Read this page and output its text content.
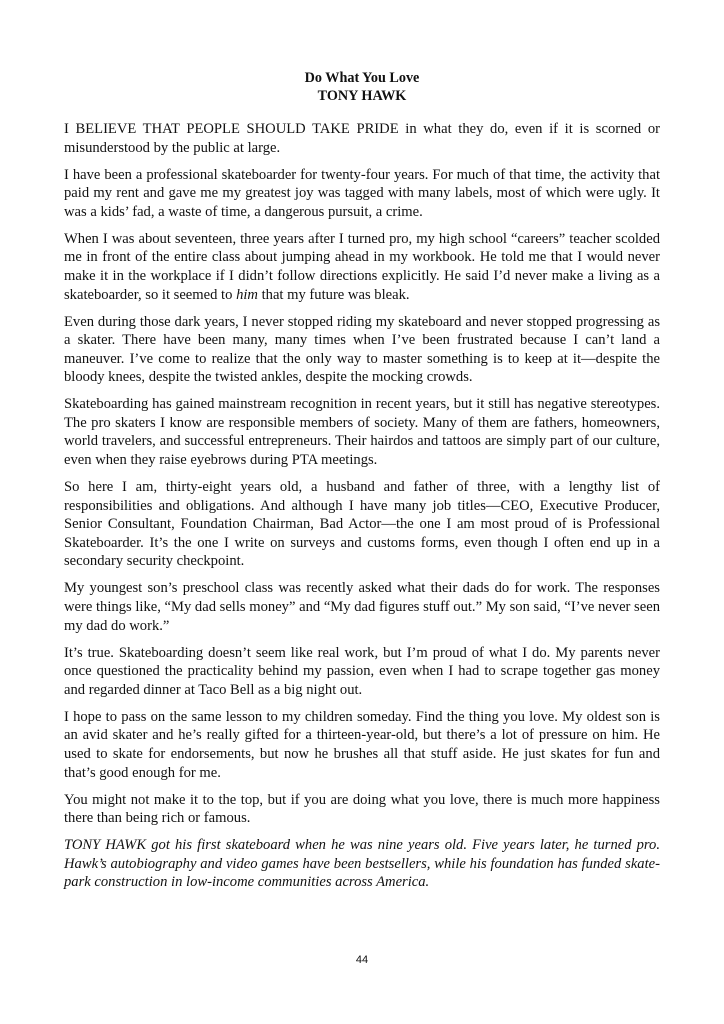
Do What You Love

TONY HAWK

I BELIEVE THAT PEOPLE SHOULD TAKE PRIDE in what they do, even if it is scorned or misunderstood by the public at large.

I have been a professional skateboarder for twenty-four years. For much of that time, the activity that paid my rent and gave me my greatest joy was tagged with many labels, most of which were ugly. It was a kids’ fad, a waste of time, a dangerous pursuit, a crime.

When I was about seventeen, three years after I turned pro, my high school “careers” teacher scolded me in front of the entire class about jumping ahead in my workbook. He told me that I would never make it in the workplace if I didn’t follow directions explicitly. He said I’d never make a living as a skateboarder, so it seemed to him that my future was bleak.

Even during those dark years, I never stopped riding my skateboard and never stopped progressing as a skater. There have been many, many times when I’ve been frustrated because I can’t land a maneuver. I’ve come to realize that the only way to master something is to keep at it—despite the bloody knees, despite the twisted ankles, despite the mocking crowds.

Skateboarding has gained mainstream recognition in recent years, but it still has negative stereotypes. The pro skaters I know are responsible members of society. Many of them are fathers, homeowners, world travelers, and successful entrepreneurs. Their hairdos and tattoos are simply part of our culture, even when they raise eyebrows during PTA meetings.

So here I am, thirty-eight years old, a husband and father of three, with a lengthy list of responsibilities and obligations. And although I have many job titles—CEO, Executive Producer, Senior Consultant, Foundation Chairman, Bad Actor—the one I am most proud of is Professional Skateboarder. It’s the one I write on surveys and customs forms, even though I often end up in a secondary security checkpoint.

My youngest son’s preschool class was recently asked what their dads do for work. The responses were things like, “My dad sells money” and “My dad figures stuff out.” My son said, “I’ve never seen my dad do work.”

It’s true. Skateboarding doesn’t seem like real work, but I’m proud of what I do. My parents never once questioned the practicality behind my passion, even when I had to scrape together gas money and regarded dinner at Taco Bell as a big night out.

I hope to pass on the same lesson to my children someday. Find the thing you love. My oldest son is an avid skater and he’s really gifted for a thirteen-year-old, but there’s a lot of pressure on him. He used to skate for endorsements, but now he brushes all that stuff aside. He just skates for fun and that’s good enough for me.

You might not make it to the top, but if you are doing what you love, there is much more happiness there than being rich or famous.

TONY HAWK got his first skateboard when he was nine years old. Five years later, he turned pro. Hawk’s autobiography and video games have been bestsellers, while his foundation has funded skate-park construction in low-income communities across America.

44
